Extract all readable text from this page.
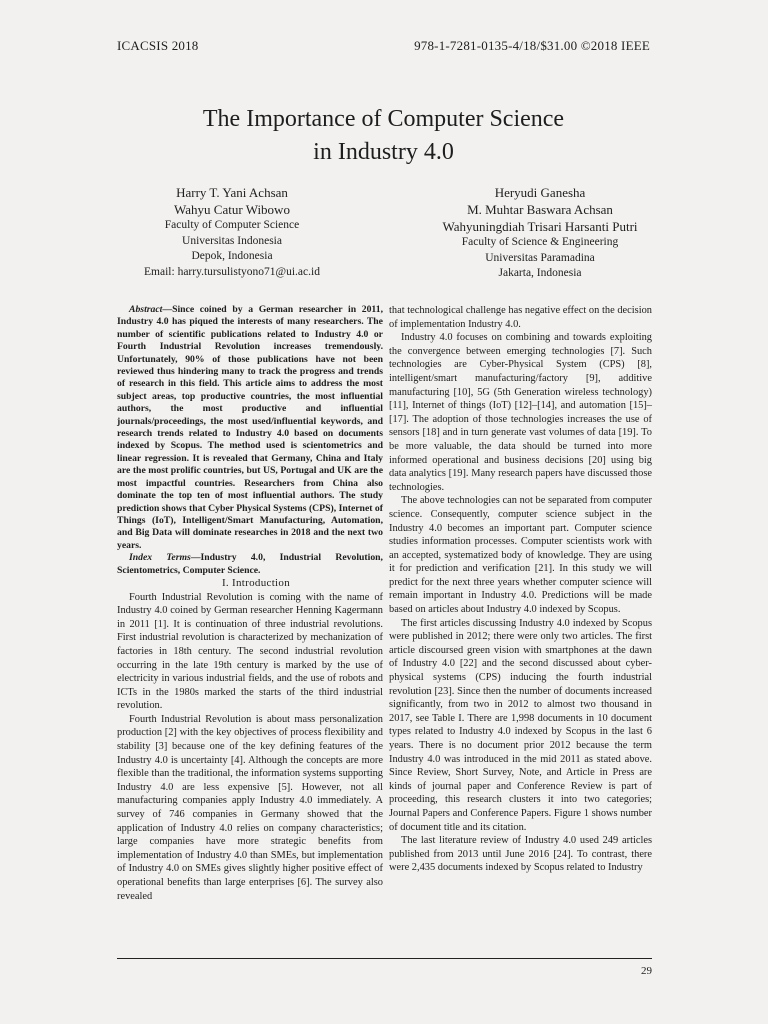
ICACSIS 2018	978-1-7281-0135-4/18/$31.00 ©2018 IEEE
The Importance of Computer Science
in Industry 4.0
Harry T. Yani Achsan
Wahyu Catur Wibowo
Faculty of Computer Science
Universitas Indonesia
Depok, Indonesia
Email: harry.tursulistyono71@ui.ac.id
Heryudi Ganesha
M. Muhtar Baswara Achsan
Wahyuningdiah Trisari Harsanti Putri
Faculty of Science & Engineering
Universitas Paramadina
Jakarta, Indonesia

Abstract—Since coined by a German researcher in 2011, Industry 4.0 has piqued the interests of many researchers. The number of scientific publications related to Industry 4.0 or Fourth Industrial Revolution increases tremendously. Unfortunately, 90% of those publications have not been reviewed thus hindering many to track the progress and trends of research in this field. This article aims to address the most subject areas, top productive countries, the most influential authors, the most productive and influential journals/proceedings, the most used/influential keywords, and research trends related to Industry 4.0 based on documents indexed by Scopus. The method used is scientometrics and linear regression. It is revealed that Germany, China and Italy are the most prolific countries, but US, Portugal and UK are the most impactful countries. Researchers from China also dominate the top ten of most influential authors. The study prediction shows that Cyber Physical Systems (CPS), Internet of Things (IoT), Intelligent/Smart Manufacturing, Automation, and Big Data will dominate researches in 2018 and the next two years.

Index Terms—Industry 4.0, Industrial Revolution, Scientometrics, Computer Science.

I. Introduction

Fourth Industrial Revolution is coming with the name of Industry 4.0 coined by German researcher Henning Kagermann in 2011 [1]. It is continuation of three industrial revolutions. First industrial revolution is characterized by mechanization of factories in 18th century. The second industrial revolution occurring in the late 19th century is marked by the use of electricity in various industrial fields, and the use of robots and ICTs in the 1980s marked the starts of the third industrial revolution.

Fourth Industrial Revolution is about mass personalization production [2] with the key objectives of process flexibility and stability [3] because one of the key defining features of the Industry 4.0 is uncertainty [4]. Although the concepts are more flexible than the traditional, the information systems supporting Industry 4.0 are less expensive [5]. However, not all manufacturing companies apply Industry 4.0 immediately. A survey of 746 companies in Germany showed that the application of Industry 4.0 relies on company characteristics; large companies have more strategic benefits from implementation of Industry 4.0 than SMEs, but implementation of Industry 4.0 on SMEs gives slightly higher positive effect of operational benefits than large enterprises [6]. The survey also revealed

that technological challenge has negative effect on the decision of implementation Industry 4.0.

Industry 4.0 focuses on combining and towards exploiting the convergence between emerging technologies [7]. Such technologies are Cyber-Physical System (CPS) [8], intelligent/smart manufacturing/factory [9], additive manufacturing [10], 5G (5th Generation wireless technology) [11], Internet of things (IoT) [12]–[14], and automation [15]–[17]. The adoption of those technologies increases the use of sensors [18] and in turn generate vast volumes of data [19]. To be more valuable, the data should be turned into more informed operational and business decisions [20] using big data analytics [19]. Many research papers have discussed those technologies.

The above technologies can not be separated from computer science. Consequently, computer science subject in the Industry 4.0 becomes an important part. Computer science studies information processes. Computer scientists work with an accepted, systematized body of knowledge. They are using it for prediction and verification [21]. In this study we will predict for the next three years whether computer science will remain important in Industry 4.0. Predictions will be made based on articles about Industry 4.0 indexed by Scopus.

The first articles discussing Industry 4.0 indexed by Scopus were published in 2012; there were only two articles. The first article discoursed green vision with smartphones at the dawn of Industry 4.0 [22] and the second discussed about cyber-physical systems (CPS) inducing the fourth industrial revolution [23]. Since then the number of documents increased significantly, from two in 2012 to almost two thousand in 2017, see Table I. There are 1,998 documents in 10 document types related to Industry 4.0 indexed by Scopus in the last 6 years. There is no document prior 2012 because the term Industry 4.0 was introduced in the mid 2011 as stated above. Since Review, Short Survey, Note, and Article in Press are kinds of journal paper and Conference Review is part of proceeding, this research clusters it into two categories; Journal Papers and Conference Papers. Figure 1 shows number of document title and its citation.

The last literature review of Industry 4.0 used 249 articles published from 2013 until June 2016 [24]. To contrast, there were 2,435 documents indexed by Scopus related to Industry

29
